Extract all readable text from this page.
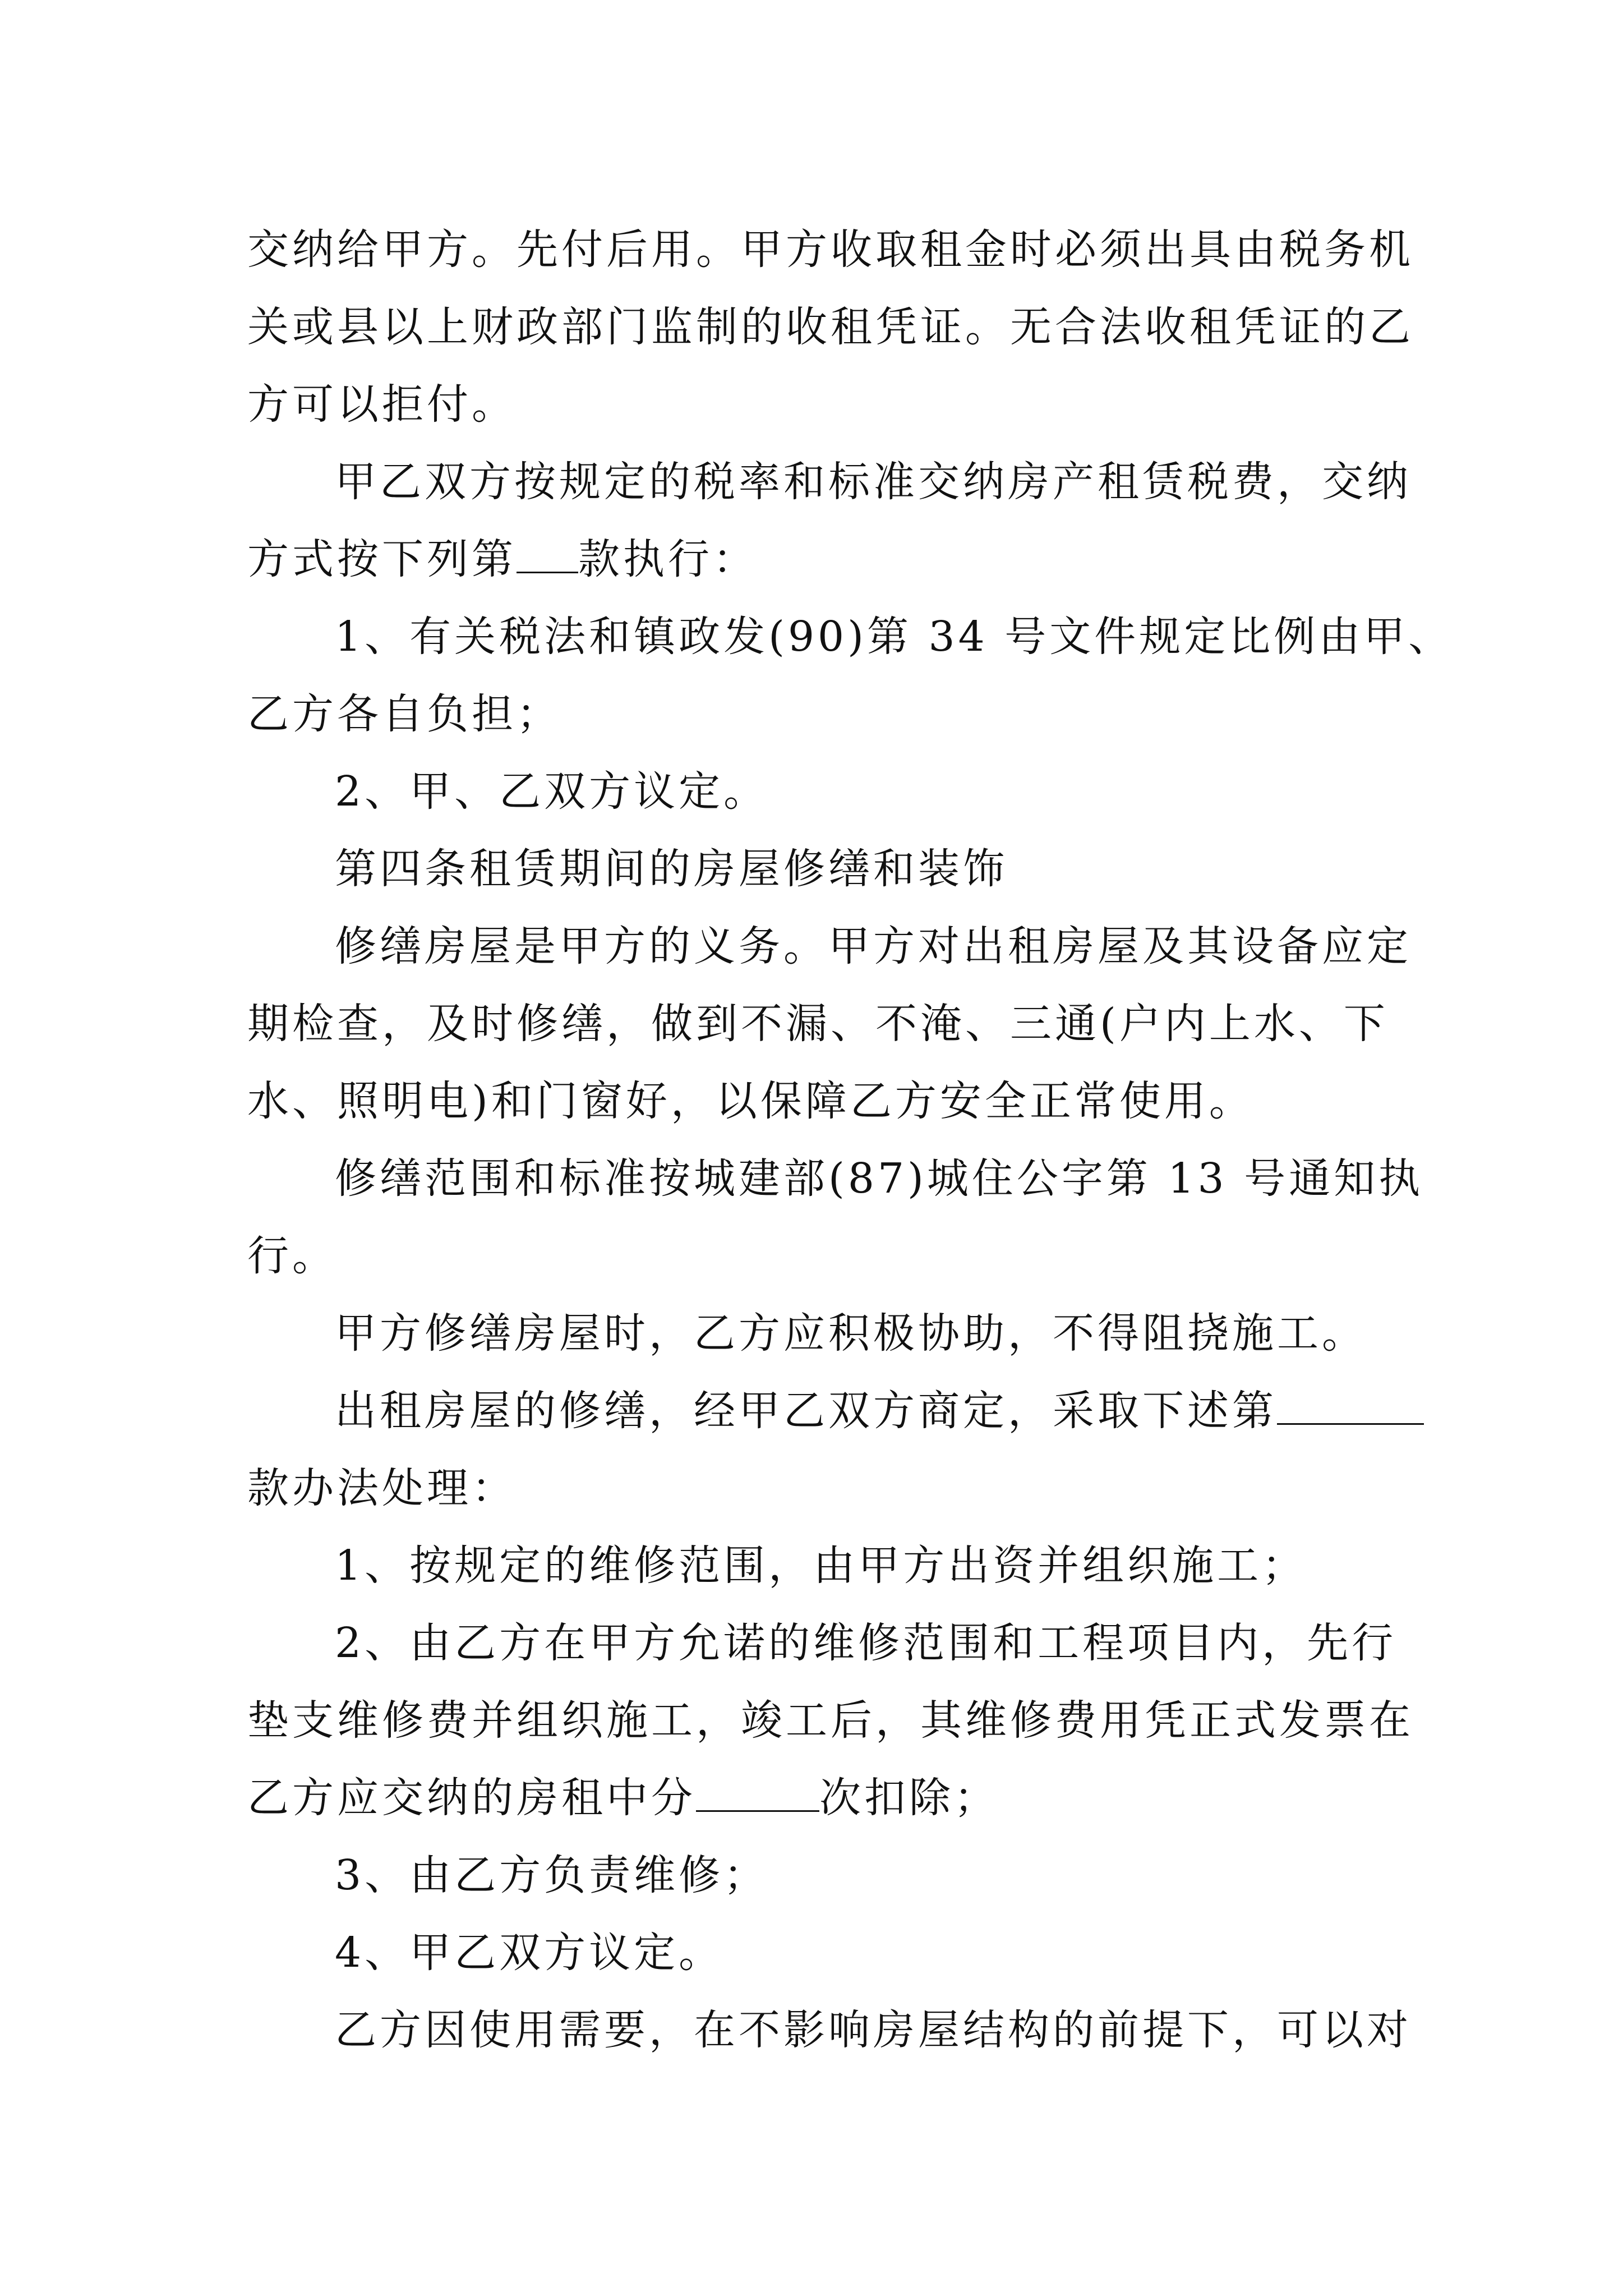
交纳给甲方。先付后用。甲方收取租金时必须出具由税务机
关或县以上财政部门监制的收租凭证。无合法收租凭证的乙
方可以拒付。
甲乙双方按规定的税率和标准交纳房产租赁税费，交纳
方式按下列第 款执行：
1、有关税法和镇政发(90)第 34 号文件规定比例由甲、
乙方各自负担；
2、甲、乙双方议定。
第四条租赁期间的房屋修缮和装饰
修缮房屋是甲方的义务。甲方对出租房屋及其设备应定
期检查，及时修缮，做到不漏、不淹、三通(户内上水、下
水、照明电)和门窗好，以保障乙方安全正常使用。
修缮范围和标准按城建部(87)城住公字第 13 号通知执
行。
甲方修缮房屋时，乙方应积极协助，不得阻挠施工。
出租房屋的修缮，经甲乙双方商定，采取下述第
款办法处理：
1、按规定的维修范围，由甲方出资并组织施工；
2、由乙方在甲方允诺的维修范围和工程项目内，先行
垫支维修费并组织施工，竣工后，其维修费用凭正式发票在
乙方应交纳的房租中分	次扣除；
3、由乙方负责维修；
4、甲乙双方议定。
乙方因使用需要，在不影响房屋结构的前提下，可以对
